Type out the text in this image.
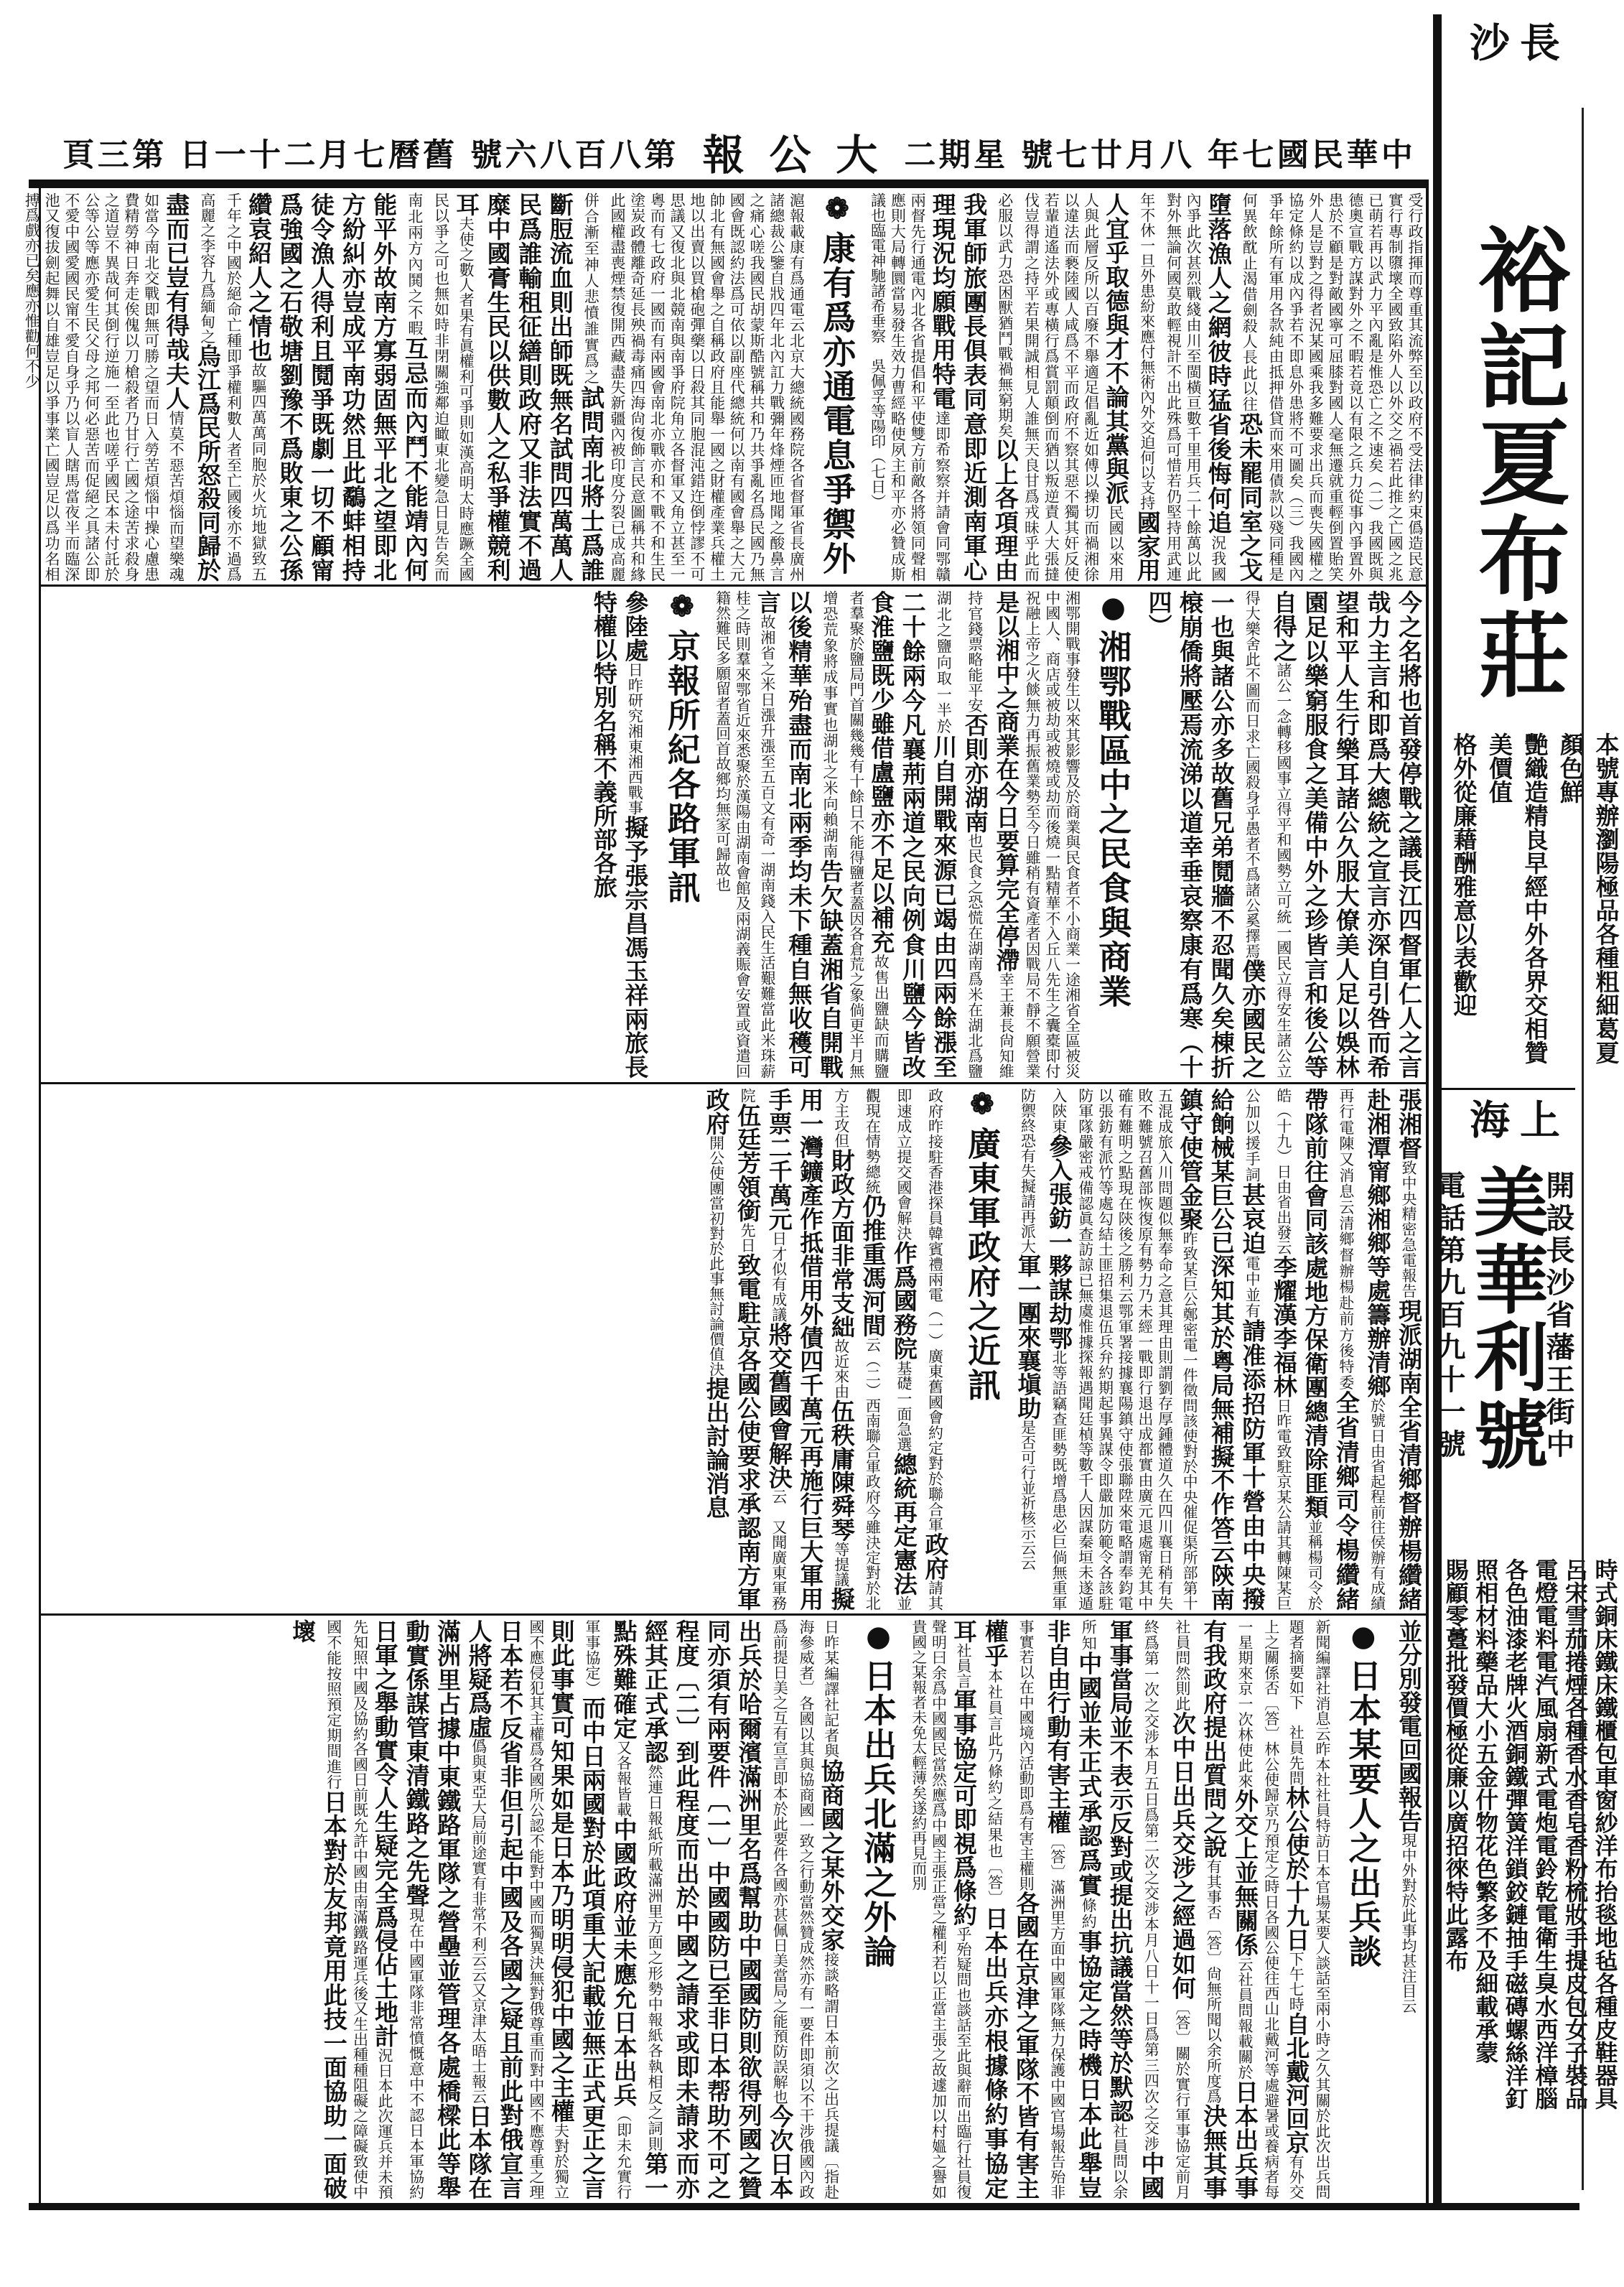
中華民國七年
八月廿七號
星期二
大公報
第八百八六號
舊曆七月二十一日
第三頁

受行政指揮而尊重其流弊至以政府不受法律約束僞造民意實行專制隳壞全國致陷外人以外交之禍若此推之亡國之兆已萌若再以武力平內亂是惟恐亡之不速矣（二）我國既與德奧宣戰方謀對外之不暇若竟以有限之兵力從事內爭置外患於不顧是對敵國寧可屈膝對國人毫無遷就重輕倒置貽笑外人是豈對之得者況某國乘我多難要求出兵而喪失國權之協定條約以成內爭若不即息外患將不可圖矣（三）我國內爭年餘所有軍用各款純由抵押借貸而來用債款以殘同種是何異飲酖止渴借劍殺人長此以往恐未罷同室之戈墮落漁人之網彼時猛省後悔何追況我國內爭此次甚烈戰綫由川至閩橫亘數千里用兵二十餘萬以此對外無論何國莫敢輕視計不出此殊爲可惜若仍堅持用武連年不休一旦外患紛來應付無術內外交迫何以支持國家用人宜乎取德與才不論其黨與派民國以來用人與此層反所以百廢不舉適足倡亂近如傅以操切而禍湘徐以違法而褻陸國人咸爲不平而政府不察其惡不獨其奸反使若輩逍遙法外或專橫行爲賞罰顛倒而猶以叛逆責人大張撻伐豈得謂之持平若果開誠相見人誰無天良甘爲戎昧乎此而必服以武力恐困獸猶鬥戰禍無窮期矣以上各項理由我軍師旅團長俱表同意即近測南軍心理現況均願戰用特電達即希察察并請會同鄂贛兩督先行通電內北各省提倡和平使雙方前敵各將領同聲相應則大局轉圜當易發生效力曹經略使夙主和平亦必贊成斯議也臨電神馳諸希垂察　吳佩孚等陽印（七日）

❁康有爲亦通電息爭禦外

滬報載康有爲通電云北京大總統國務院各省督軍省長廣州諸總裁公鑒自戕四年北內訌力戰彌年烽煙匝地聞之酸鼻言之痛心嗟我國民胡蒙斯酷號稱共和乃共爭亂名爲民國乃無國會既認約法爲可依以副座代總統何以南有國會舉之大元帥北有無國會舉之自稱政府且能舉一國之財權產業兵權土地以出賣以買槍砲彈藥以日殺其同胞混沌錯迕倒悖謬不可思議又復北與北競南與南爭府院角立各督軍又角立甚至一粵而有七政府一國而有兩國會南北亦戰亦和不戰不和生民塗炭政體離奇延長殃禍毒痛四海尙復飾言民意圖稱共和緣此國權盡喪煙禁復開西藏盡失新疆內被印度分裂已成高麗併合漸至神人悲憤誰實爲之試問南北將士爲誰斷脰流血則出師既無名試問四萬萬人民爲誰輸租征繕則政府又非法實不過糜中國膏生民以供數人之私爭權競利耳夫使之數人者果有眞權利可爭則如漢高明太時應蹶全國民以爭之可也無如時非閉關強鄰迫瞰東北變急日見告矣而南北兩方內鬨之不暇互忌而內鬥不能靖內何能平外故南方寡弱固無平北之望即北方紛糾亦豈成平南功然且此鷸蚌相持徒令漁人得利且鬩爭既劇一切不顧甯爲強國之石敬塘劉豫不爲敗東之公孫纘袁紹人之情也故驅四萬萬同胞於火坑地獄致五千年之中國於絕命亡種即爭權利數人者至亡國後亦不過爲高麗之李容九爲緬甸之烏江爲民所怒殺同歸於盡而已豈有得哉夫人情莫不惡苦煩惱而望樂魂如當今南北交戰即無可勝之望而日入勞苦煩惱中操心慮患費精勞神日奔走俟傀以刀槍殺者乃甘行亡國之途苦求殺身之道豈不異哉何其倒行逆施一至此也嗟乎國民本未付託於公等公等應亦愛生民父母之邦何必惡苦而促絕之具諸公即不愛中國愛國民甯不愛自身乎乃以盲人瞎馬當夜半而臨深池又復拔劍起舞以自雄豈足以爭事業亡國豈足以爲功名相搏爲戲亦已矣應亦惟勸何不少

今之名將也首發停戰之議長江四督軍仁人之言哉力主言和即爲大總統之宣言亦深自引咎而希望和平人生行樂耳諸公久服大僚美人足以娛林園足以樂窮服食之美備中外之珍皆言和後公等自得之諸公一念轉移國事立得平和國勢立可統一國民立得安生諸公立得大樂舍此不圖而日求亡國殺身乎愚者不爲諸公奚擇焉僕亦國民之一也與諸公亦多故舊兄弟鬩牆不忍聞久矣棟折榱崩僑將壓焉流涕以道幸垂哀察康有爲寒（十四）

●湘鄂戰區中之民食與商業

湘鄂開戰事發生以來其影響及於商業與民食者不小商業一途湘省全區被災中國人、商店或被劫或被燒或劫而後燒一點精華不入丘八先生之囊橐即付祝融上帝之火餤無力再振舊業勢至今日雖稍有資產者因戰局不靜不願營業是以湘中之商業在今日要算完全停滯幸王兼長尙知維持官錢票略能平安否則亦湖南也民食之恐慌在湖南爲米在湖北爲鹽湖北之鹽向取一半於川自開戰來源已竭由四兩餘漲至二十餘兩今凡襄荊兩道之民向例食川鹽今皆改食淮鹽既少雖借盧鹽亦不足以補充故售出鹽缺而購鹽者羣聚於鹽局門首關幾幾有十餘日不能得鹽者蓋因各倉荒之象倘更半月無增恐荒象將成事實也湖北之米向賴湖南告欠缺蓋湘省自開戰以後精華殆盡而南北兩季均未下種自無收穫可言故湘省之米日漲升漲至五百文有奇一湖南錢入民生活艱難當此米珠薪桂之時則羣來鄂省近來悉聚於漢陽由湖南會館及兩湖義賑會安置或資遣回籍然難民多願留者蓋回首故鄉均無家可歸故也

❁京報所紀各路軍訊

參陸處日昨研究湘東湘西戰事擬予張宗昌馮玉祥兩旅長特權以特別名稱不義所部各旅

張湘督致中央精密急電報告現派湖南全省清鄉督辦楊纘緒赴湘潭甯鄉湘鄉等處籌辦清鄉於號日由省起程前往侯辦有成績再行電陳又消息云清鄉督辦楊赴前方後特委全省清鄉司令楊纘緒帶隊前往會同該處地方保衛團總清除匪類並稱楊司令於皓（十九）日由省出發云李耀漢李福林日昨電致駐京某公請其轉陳某巨公加以援手詞甚哀迫電中並有請准添招防軍十營由中央撥給餉械某巨公已深知其於粵局無補擬不作答云陝南鎮守使管金聚昨致某巨公鄭密電一件徵問該使對於中央催促渠所部第十五混成旅入川問題似無奉命之意其理由則謂劉存厚鍾體道久在四川襄日稍有失敗不難號召舊部恢復原有勢力乃未經一戰即行退出成都實由廣元退處甯羌其中確有難明之點現在陝後之勝利云鄂軍署接據襄陽鎮守使張聯陞來電略謂奉鈞電以張鈁有派竹等處勾結土匪招集退伍兵弁約期起事異謀令即嚴加防範令各該駐防軍隊嚴密戒備認眞查訪諒已無虞惟據探報遇聞廷楨等數千人因謀秦垣未遂遁入陝東參入張鈁一夥謀劫鄂北等語竊查匪勢既增爲患必巨倘無重軍防禦終恐有失擬請再派大軍一團來襄塡助是否可行並祈核示云云

❁廣東軍政府之近訊

政府昨接駐香港探員韓賓禮兩電（一）廣東舊國會約定對於聯合軍政府請其即速成立提交國會解決作爲國務院基礎一面急選總統再定憲法並觀現在情勢總統仍推重馮河間云（二）西南聯合軍政府今雖決定對於北方主攻但財政方面非常支絀故近來由伍秩庸陳舜琴等提議擬用一灣鑛產作抵借用外債四千萬元再施行巨大軍用手票二千萬元日才似有成議將交舊國會解決云　又聞廣東軍務院伍廷芳領銜先日致電駐京各國公使要求承認南方軍政府開公使團當初對於此事無討論價值決提出討論消息

並分別發電回國報告現中外對於此事均甚注目云

●日本某要人之出兵談

新聞編譯社消息云昨本社社員特訪日本官場某要人談話至兩小時之久其關於此次出兵問題者摘要如下　社員先問林公使於十九日下午七時自北戴河回京有外交上之關係否〔答〕林公使歸京乃預定之時日各國公使往西山北戴河等處避暑或養病者每一星期來京一次林使此來外交上並無關係云社員問報載關於日本出兵事有我政府提出質問之說有其事否〔答〕尙無所聞以余所度爲決無其事社員問然則此次中日出兵交涉之經過如何〔答〕關於實行軍事協定前月終爲第一次之交涉本月五日爲第二次之交涉本月八日十一日爲第三四次之交涉中國軍事當局並不表示反對或提出抗議當然等於默認社員問以余所知中國並未正式承認爲實條約事協定之時機日本此舉豈非自由行動有害主權〔答〕滿洲里方面中國軍隊無力保護中國官場報告殆非事實若以在中國境內活動即爲有害主權則各國在京津之軍隊不皆有害主權乎本社員言此乃條約之結果也〔答〕日本出兵亦根據條約事協定耳社員言軍事協定可即視爲條約乎殆疑問也談話至此與辭而出臨行社員復聲明曰余爲中國國民當然應爲中國主張正當之權利若以正當主張之故遽加以村媼之譽如貴國之某報者未免太輕薄矣遂約再見而別

●日本出兵北滿之外論

日昨某編譯社記者與協商國之某外交家接談略謂日本前次之出兵提議〔指赴海參威者〕各國以其與協商國一致之行動當然贊成然亦有一要件即須以不干涉俄國內政爲前提日美之互有宣言即本於此要件各國亦甚佩日美當局之能預防誤解也今次日本出兵於哈爾濱滿洲里名爲幫助中國國防則欲得列國之贊同亦須有兩要件〔一〕中國國防已至非日本帮助不可之程度〔二〕到此程度而出於中國之請求或即未請求而亦經其正式承認然連日報紙所載滿洲里方面之形勢中報紙各執相反之詞則第一點殊難確定又各報皆載中國政府並未應允日本出兵（即未允實行軍事協定）而中日兩國對於此項重大記載並無正式更正之言則此事實可知果如是日本乃明明侵犯中國之主權夫對於獨立國不應侵犯其主權爲各國所公認不能對中國而獨異決無對俄尊重而對中國不應尊重之理日本若不反省非但引起中國及各國之疑且前此對俄宣言人將疑爲虛僞與東亞大局前途實有非常不利云云又京津太晤士報云日本隊在滿洲里占據中東鐵路軍隊之營壘並管理各處橋樑此等舉動實係謀管東清鐵路之先聲現在中國軍隊非常憤慨意中不認日本軍協約日軍之舉動實令人生疑完全爲侵佔土地計況日本此次運兵并未預先知照中國及協約各國日前既允許中國由南滿鐵路運兵後又生出種種阻礙之障礙致使中國不能按照預定期間進行日本對於友邦竟用此技一面協助一面破壞

長沙
裕記夏布莊
本號專辦瀏陽極品各種粗細葛夏顏色鮮
艷織造精良早經中外各界交相贊美價值
格外從廉藉酬雅意以表歡迎
上海
開設長沙省藩王街中
美華利號
電話第九百九十一號
時式銅床鐵床鐵櫃包車窗紗洋布抬毯地毡各種皮鞋器具
呂宋雪茄捲煙各種香水香皂香粉梳妝手提皮包女子裝品
電燈電料電汽風扇新式電炮電鈴乾電衛生臭水西洋樟腦
各色油漆老牌火酒銅鐵彈簧洋鎖鉸鏈抽手磁磚螺絲洋釘
照相材料藥品大小五金什物花色繁多不及細載承蒙
賜顧零躉批發價極從廉以廣招徠特此露布
